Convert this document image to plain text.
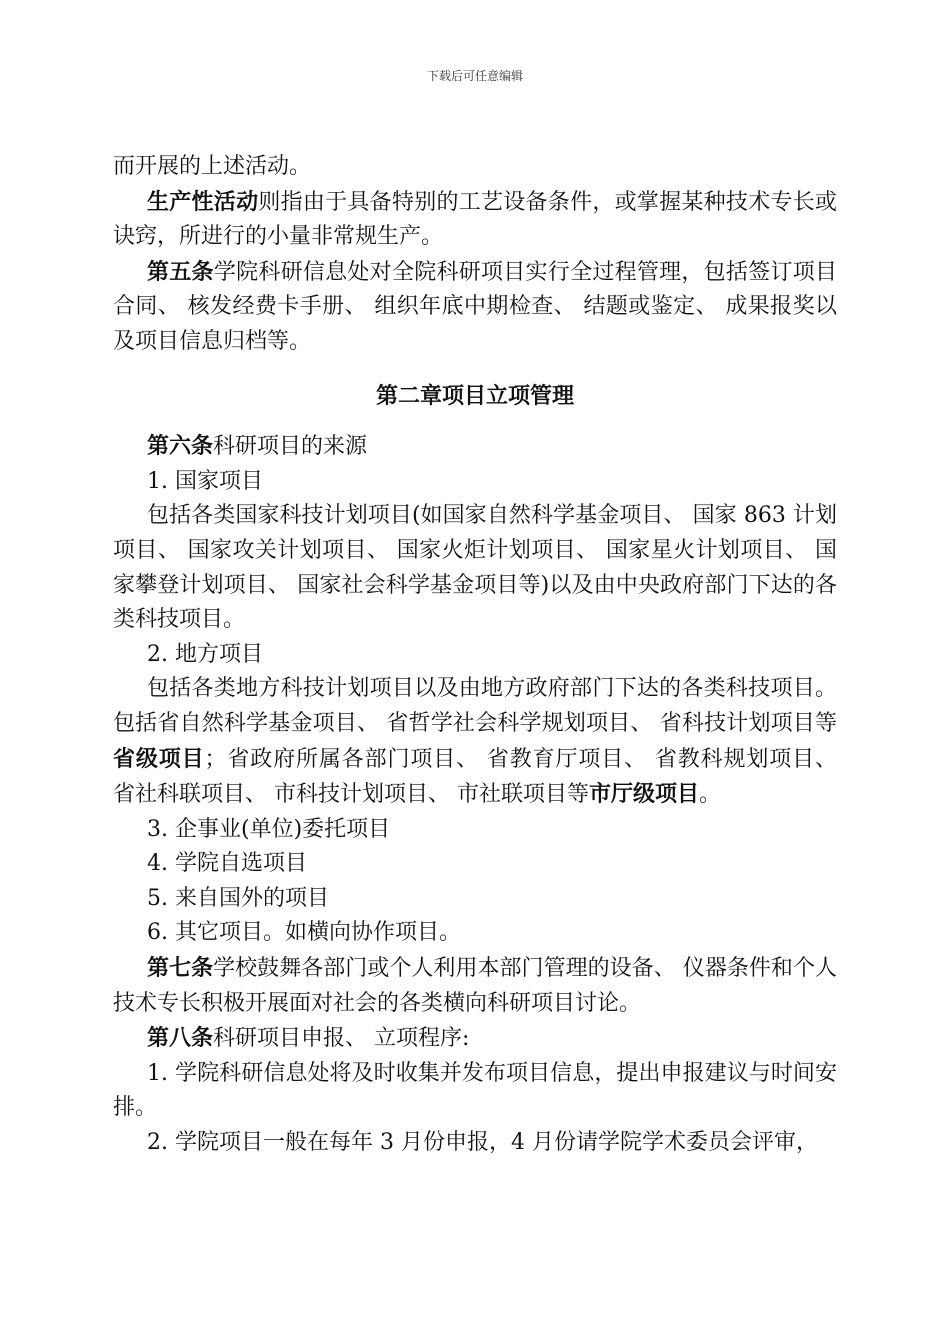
下载后可任意编辑

而开展的上述活动。

生产性活动则指由于具备特别的工艺设备条件，或掌握某种技术专长或诀窍，所进行的小量非常规生产。

第五条学院科研信息处对全院科研项目实行全过程管理，包括签订项目合同、 核发经费卡手册、 组织年底中期检查、 结题或鉴定、 成果报奖以及项目信息归档等。

第二章项目立项管理

第六条科研项目的来源

1. 国家项目

包括各类国家科技计划项目(如国家自然科学基金项目、 国家 863 计划项目、 国家攻关计划项目、 国家火炬计划项目、 国家星火计划项目、 国家攀登计划项目、 国家社会科学基金项目等)以及由中央政府部门下达的各类科技项目。

2. 地方项目

包括各类地方科技计划项目以及由地方政府部门下达的各类科技项目。包括省自然科学基金项目、 省哲学社会科学规划项目、 省科技计划项目等省级项目；省政府所属各部门项目、 省教育厅项目、 省教科规划项目、 省社科联项目、 市科技计划项目、 市社联项目等市厅级项目。

3. 企事业(单位)委托项目

4. 学院自选项目

5. 来自国外的项目

6. 其它项目。如横向协作项目。

第七条学校鼓舞各部门或个人利用本部门管理的设备、 仪器条件和个人技术专长积极开展面对社会的各类横向科研项目讨论。

第八条科研项目申报、 立项程序:

1. 学院科研信息处将及时收集并发布项目信息，提出申报建议与时间安排。

2. 学院项目一般在每年 3 月份申报，4 月份请学院学术委员会评审，
